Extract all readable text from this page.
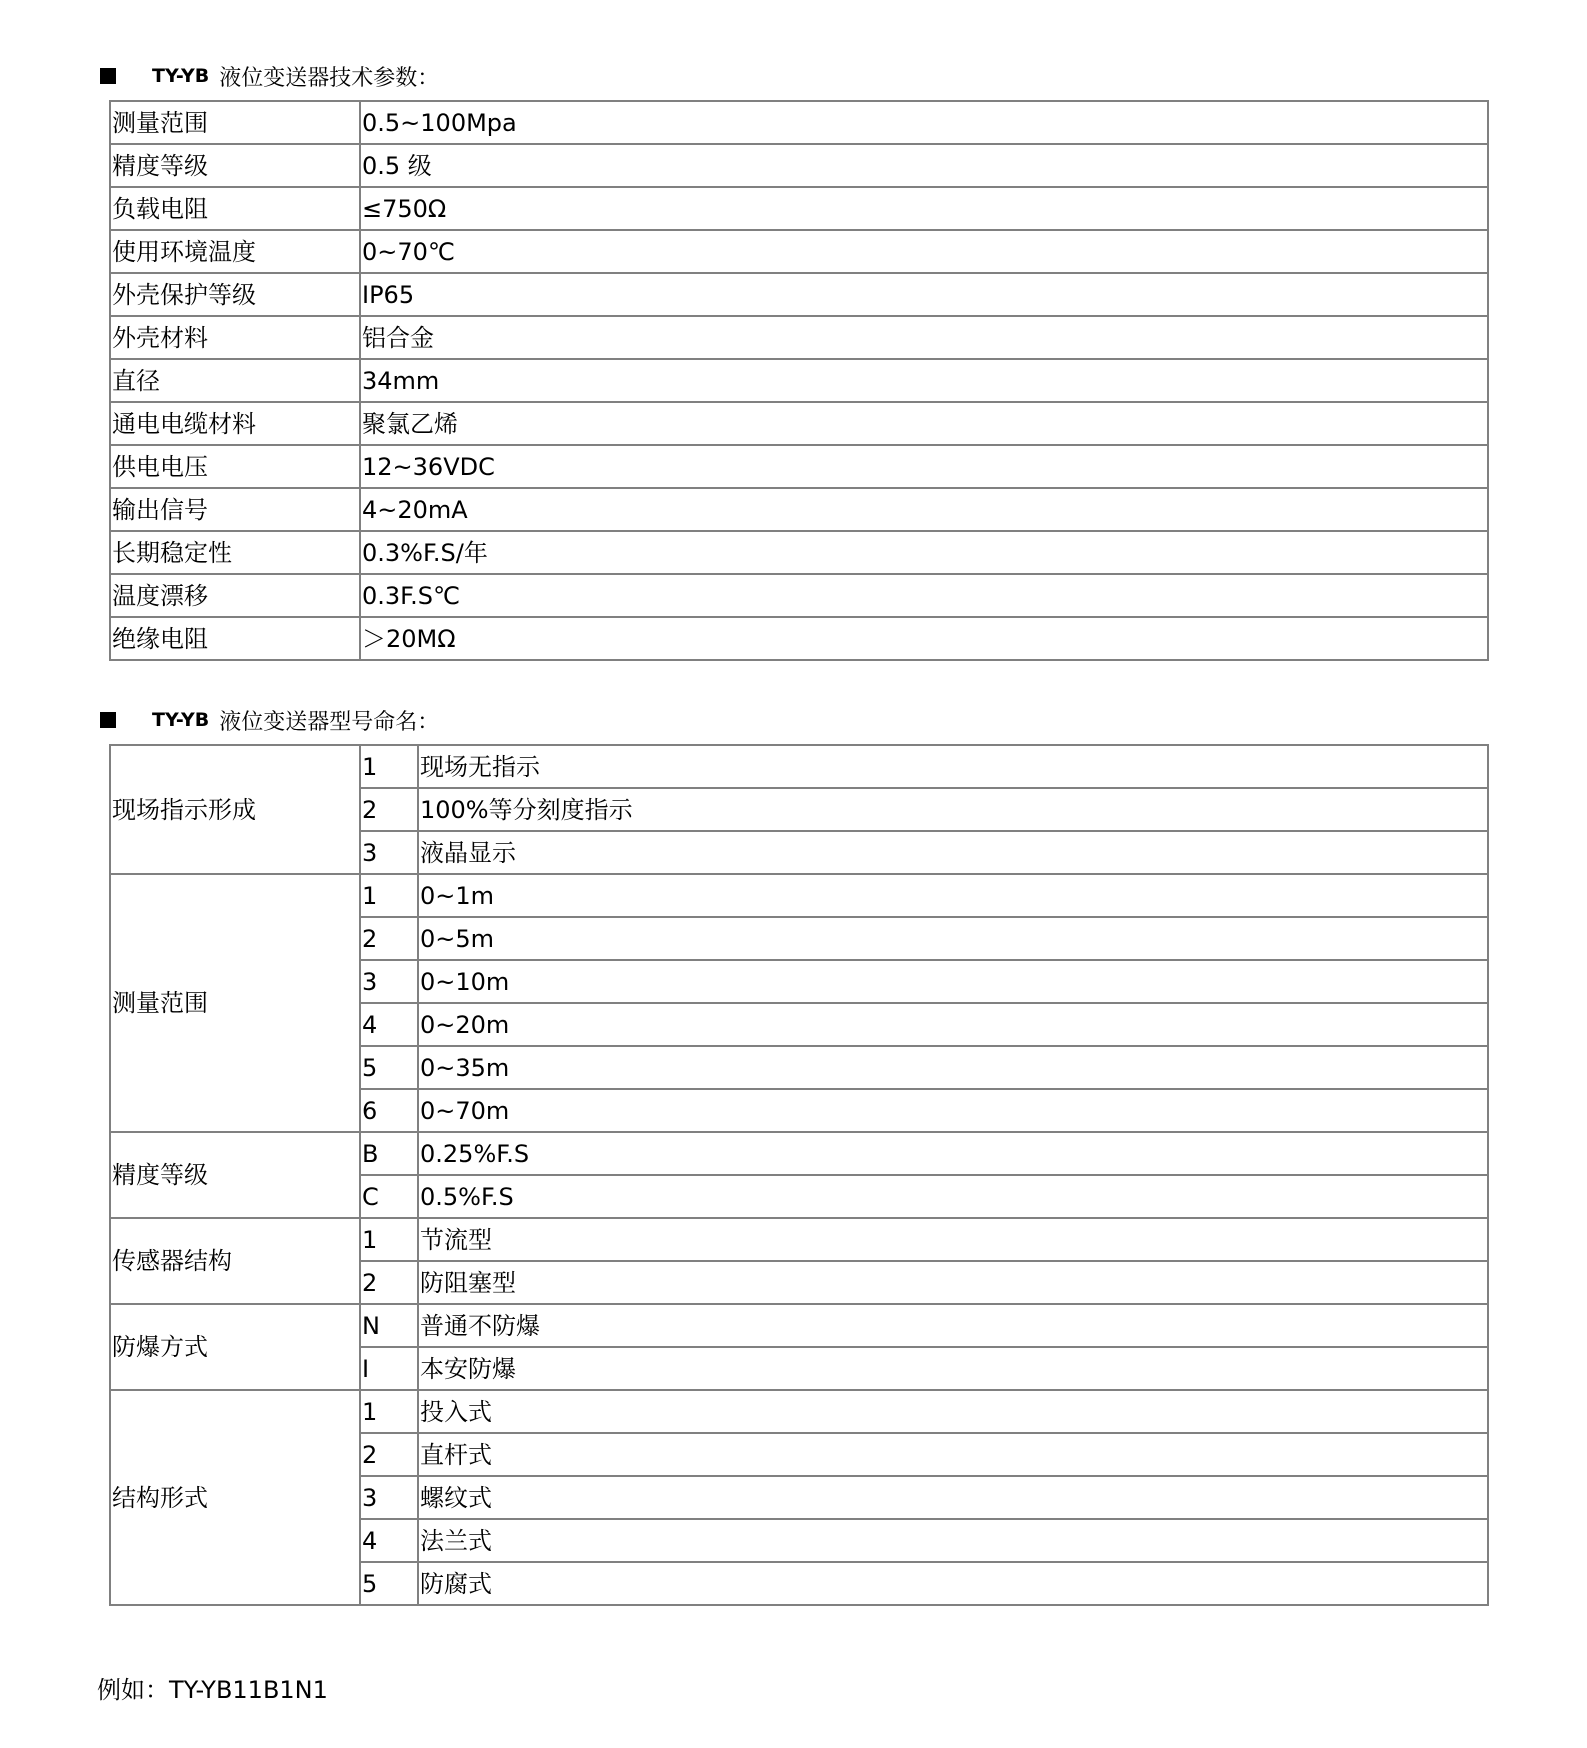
TY-YB 液位变送器技术参数：
测量范围	0.5~100Mpa
精度等级	0.5 级
负载电阻	≤750Ω
使用环境温度	0~70℃
外壳保护等级	IP65
外壳材料	铝合金
直径	34mm
通电电缆材料	聚氯乙烯
供电电压	12~36VDC
输出信号	4~20mA
长期稳定性	0.3%F.S/年
温度漂移	0.3F.S℃
绝缘电阻	＞20MΩ
TY-YB 液位变送器型号命名：
现场指示形成	1	现场无指示
	2	100%等分刻度指示
	3	液晶显示
测量范围	1	0~1m
	2	0~5m
	3	0~10m
	4	0~20m
	5	0~35m
	6	0~70m
精度等级	B	0.25%F.S
	C	0.5%F.S
传感器结构	1	节流型
	2	防阻塞型
防爆方式	N	普通不防爆
	I	本安防爆
结构形式	1	投入式
	2	直杆式
	3	螺纹式
	4	法兰式
	5	防腐式
例如：TY-YB11B1N1
